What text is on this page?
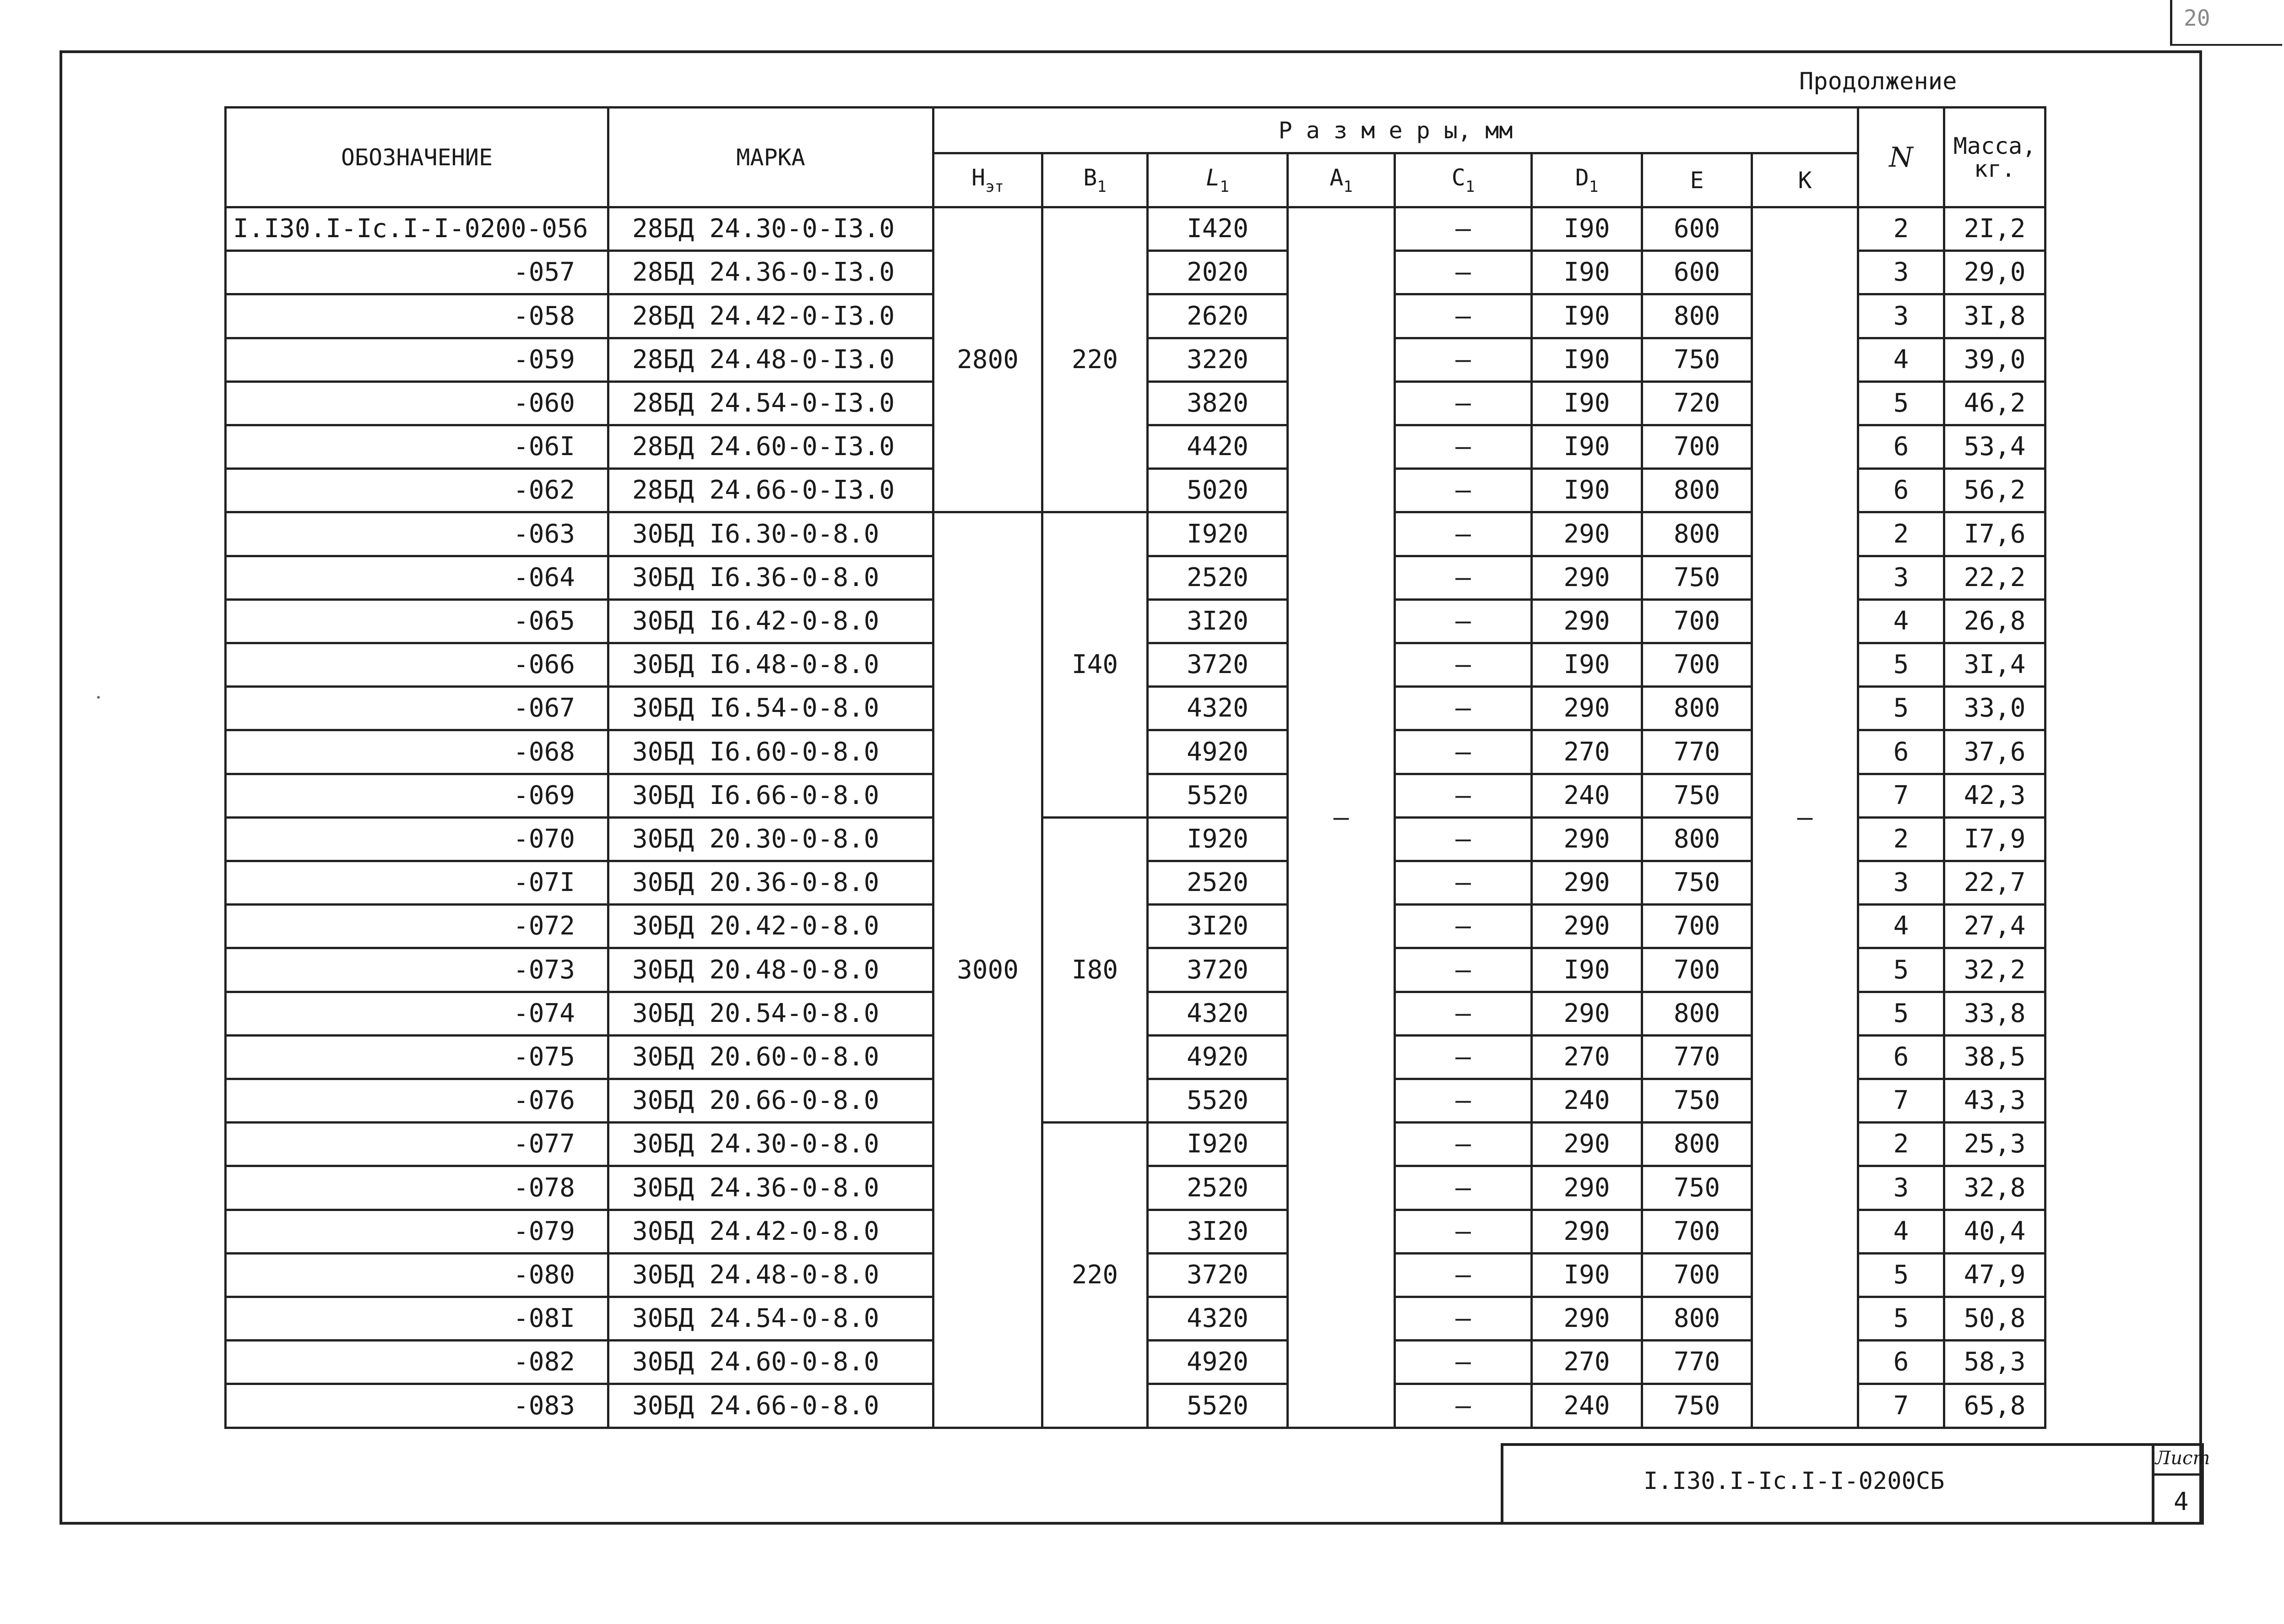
20
Продолжение
ОБОЗНАЧЕНИЕ	МАРКА	Р а з м е р ы, мм								N	Масса, кг.
		$H_{эт}$	$B_1$	$L_1$	$A_1$	$C_1$	$D_1$	E	K		
I.I30.I-Ic.I-I-0200-056	28БД 24.30-0-I3.0	2800	220	I420	–	–	I90	600	–	2	2I,2
-057	28БД 24.36-0-I3.0			2020		–	I90	600		3	29,0
-058	28БД 24.42-0-I3.0			2620		–	I90	800		3	3I,8
-059	28БД 24.48-0-I3.0			3220		–	I90	750		4	39,0
-060	28БД 24.54-0-I3.0			3820		–	I90	720		5	46,2
-06I	28БД 24.60-0-I3.0			4420		–	I90	700		6	53,4
-062	28БД 24.66-0-I3.0			5020		–	I90	800		6	56,2
-063	30БД I6.30-0-8.0	3000	I40	I920		–	290	800		2	I7,6
-064	30БД I6.36-0-8.0			2520		–	290	750		3	22,2
-065	30БД I6.42-0-8.0			3I20		–	290	700		4	26,8
-066	30БД I6.48-0-8.0			3720		–	I90	700		5	3I,4
-067	30БД I6.54-0-8.0			4320		–	290	800		5	33,0
-068	30БД I6.60-0-8.0			4920		–	270	770		6	37,6
-069	30БД I6.66-0-8.0			5520		–	240	750		7	42,3
-070	30БД 20.30-0-8.0		I80	I920		–	290	800		2	I7,9
-07I	30БД 20.36-0-8.0			2520		–	290	750		3	22,7
-072	30БД 20.42-0-8.0			3I20		–	290	700		4	27,4
-073	30БД 20.48-0-8.0			3720		–	I90	700		5	32,2
-074	30БД 20.54-0-8.0			4320		–	290	800		5	33,8
-075	30БД 20.60-0-8.0			4920		–	270	770		6	38,5
-076	30БД 20.66-0-8.0			5520		–	240	750		7	43,3
-077	30БД 24.30-0-8.0		220	I920		–	290	800		2	25,3
-078	30БД 24.36-0-8.0			2520		–	290	750		3	32,8
-079	30БД 24.42-0-8.0			3I20		–	290	700		4	40,4
-080	30БД 24.48-0-8.0			3720		–	I90	700		5	47,9
-08I	30БД 24.54-0-8.0			4320		–	290	800		5	50,8
-082	30БД 24.60-0-8.0			4920		–	270	770		6	58,3
-083	30БД 24.66-0-8.0			5520		–	240	750		7	65,8
I.I30.I-Ic.I-I-0200СБ
Лист
4
